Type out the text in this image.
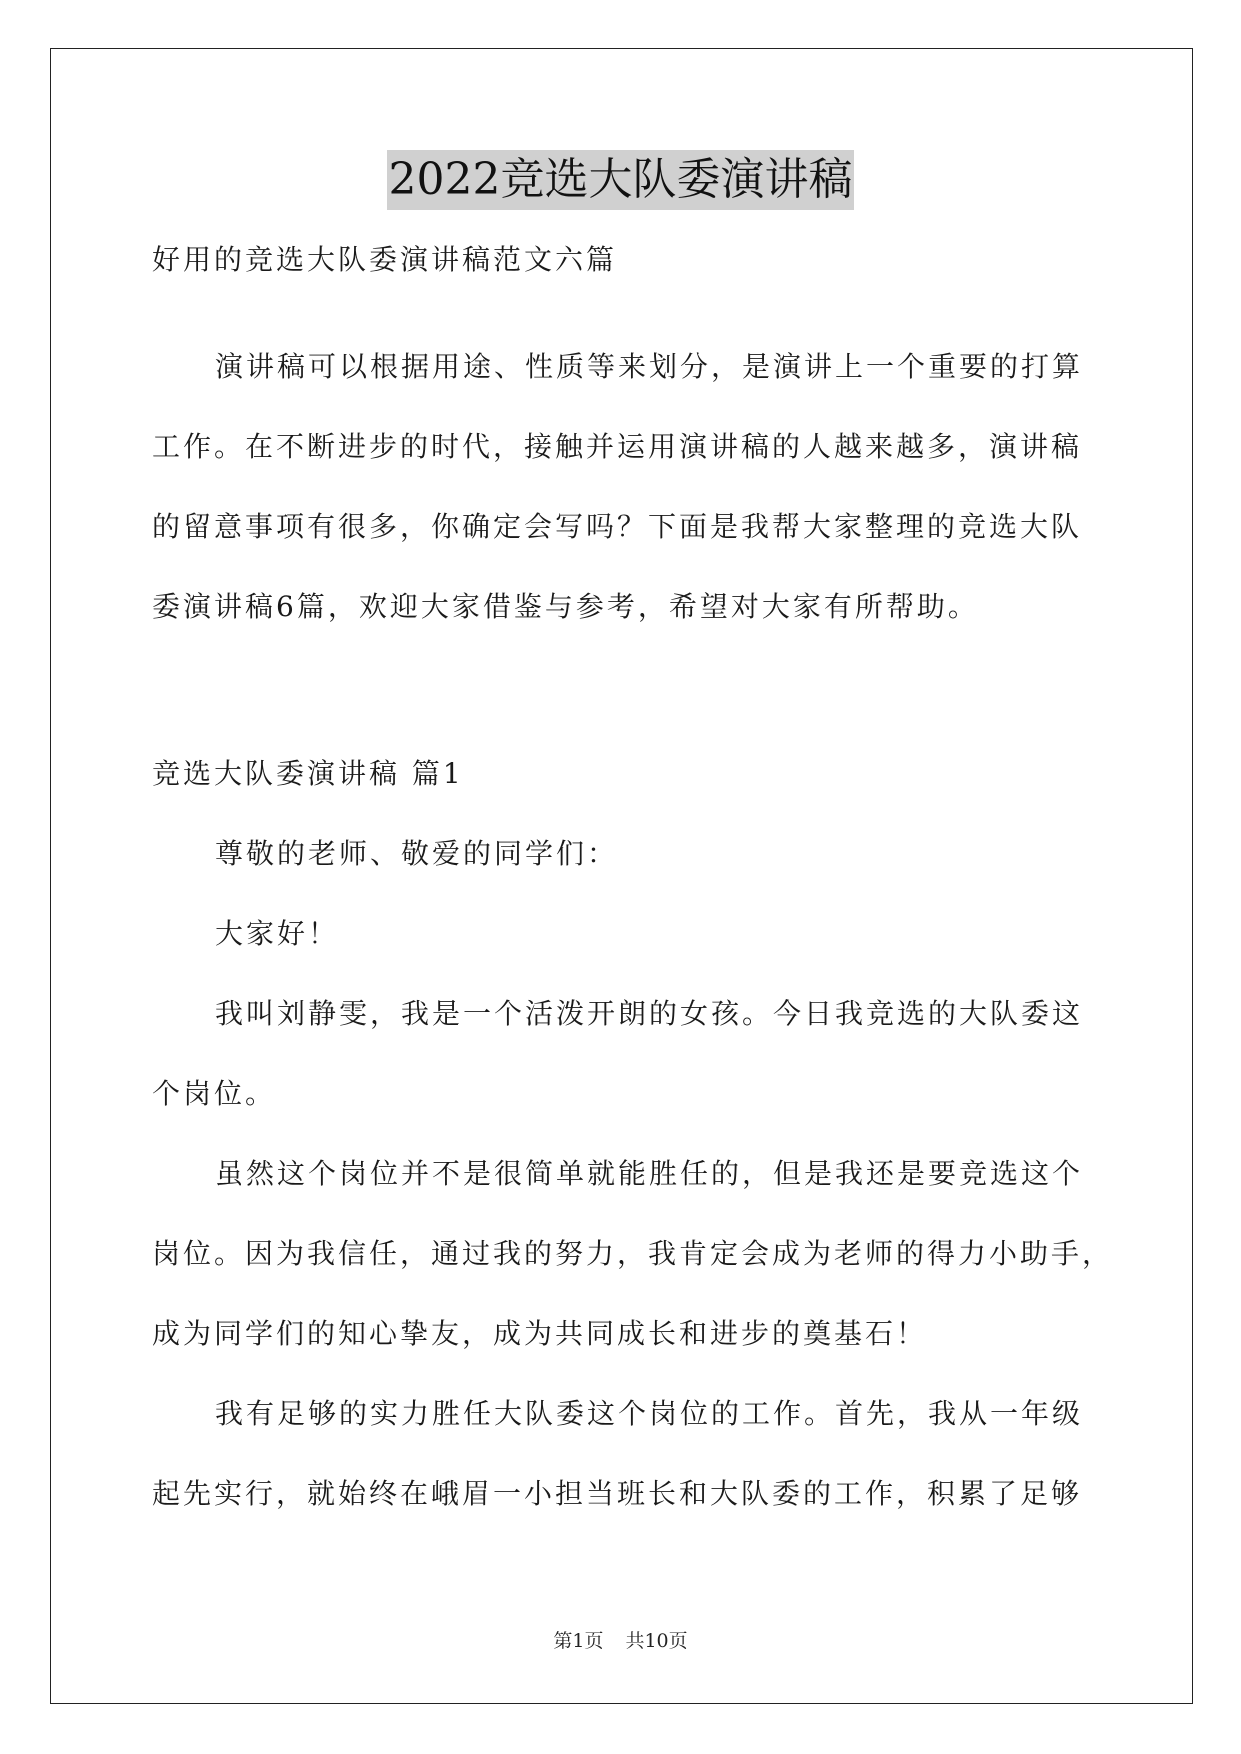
2022竞选大队委演讲稿
好用的竞选大队委演讲稿范文六篇
演讲稿可以根据用途、性质等来划分，是演讲上一个重要的打算
工作。在不断进步的时代，接触并运用演讲稿的人越来越多，演讲稿
的留意事项有很多，你确定会写吗？下面是我帮大家整理的竞选大队
委演讲稿6篇，欢迎大家借鉴与参考，希望对大家有所帮助。
竞选大队委演讲稿 篇1
尊敬的老师、敬爱的同学们：
大家好！
我叫刘静雯，我是一个活泼开朗的女孩。今日我竞选的大队委这
个岗位。
虽然这个岗位并不是很简单就能胜任的，但是我还是要竞选这个
岗位。因为我信任，通过我的努力，我肯定会成为老师的得力小助手，
成为同学们的知心挚友，成为共同成长和进步的奠基石！
我有足够的实力胜任大队委这个岗位的工作。首先，我从一年级
起先实行，就始终在峨眉一小担当班长和大队委的工作，积累了足够
第1页 共10页
